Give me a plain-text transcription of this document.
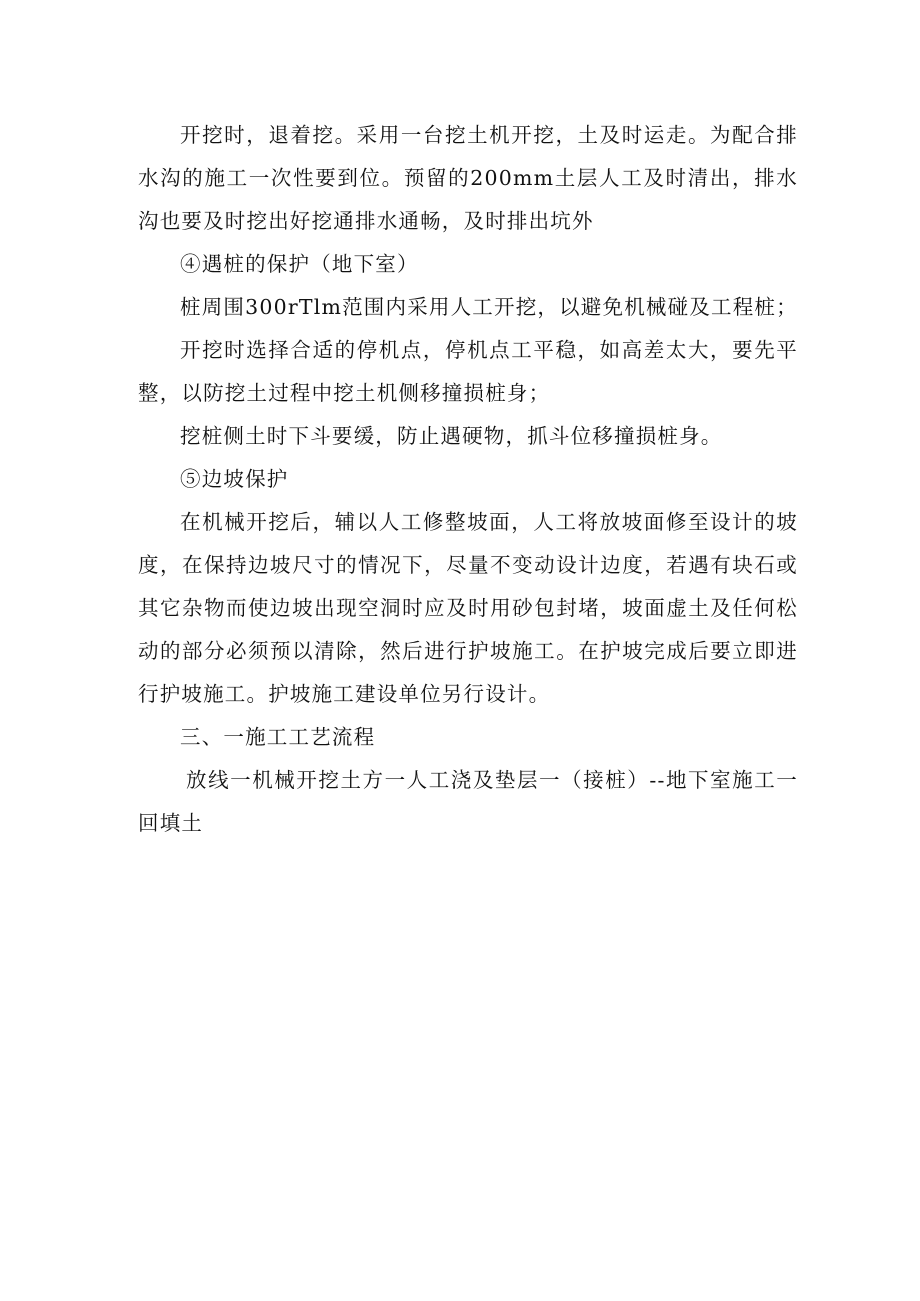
开挖时，退着挖。采用一台挖土机开挖，土及时运走。为配合排水沟的施工一次性要到位。预留的200mm土层人工及时清出，排水沟也要及时挖出好挖通排水通畅，及时排出坑外

④遇桩的保护（地下室）

桩周围300rTlm范围内采用人工开挖，以避免机械碰及工程桩；

开挖时选择合适的停机点，停机点工平稳，如高差太大，要先平整，以防挖土过程中挖土机侧移撞损桩身；

挖桩侧土时下斗要缓，防止遇硬物，抓斗位移撞损桩身。

⑤边坡保护

在机械开挖后，辅以人工修整坡面，人工将放坡面修至设计的坡度，在保持边坡尺寸的情况下，尽量不变动设计边度，若遇有块石或其它杂物而使边坡出现空洞时应及时用砂包封堵，坡面虚土及任何松动的部分必须预以清除，然后进行护坡施工。在护坡完成后要立即进行护坡施工。护坡施工建设单位另行设计。

三、一施工工艺流程

放线一机械开挖土方一人工浇及垫层一（接桩）--地下室施工一回填土
